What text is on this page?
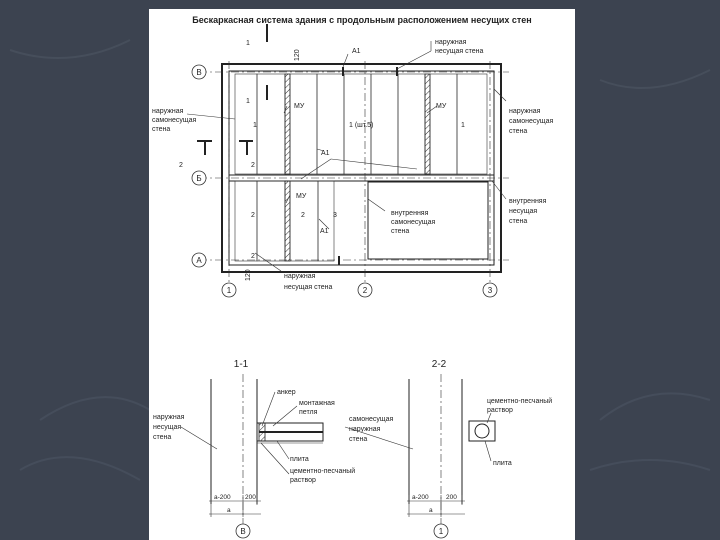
Бескаркасная система здания с продольным расположением несущих стен
В
Б
А
1	2	3
1
120	А1
наружная
несущая стена
1
МУ	МУ
наружная
самонесущая
стена
наружная
самонесущая
стена
1	1 (шт.5)	1
А1
2	2
МУ
внутренняя
несущая
стена
внутренняя
самонесущая
стена
2	2	3
А1
2
120	наружная
несущая стена
1-1
наружная
несущая
стена
анкер
монтажная
петля
плита
цементно-песчаный
раствор
a-200 200
a
В
2-2
самонесущая
наружная
стена
цементно-песчаный
раствор
плита
a-200	200
a
1
